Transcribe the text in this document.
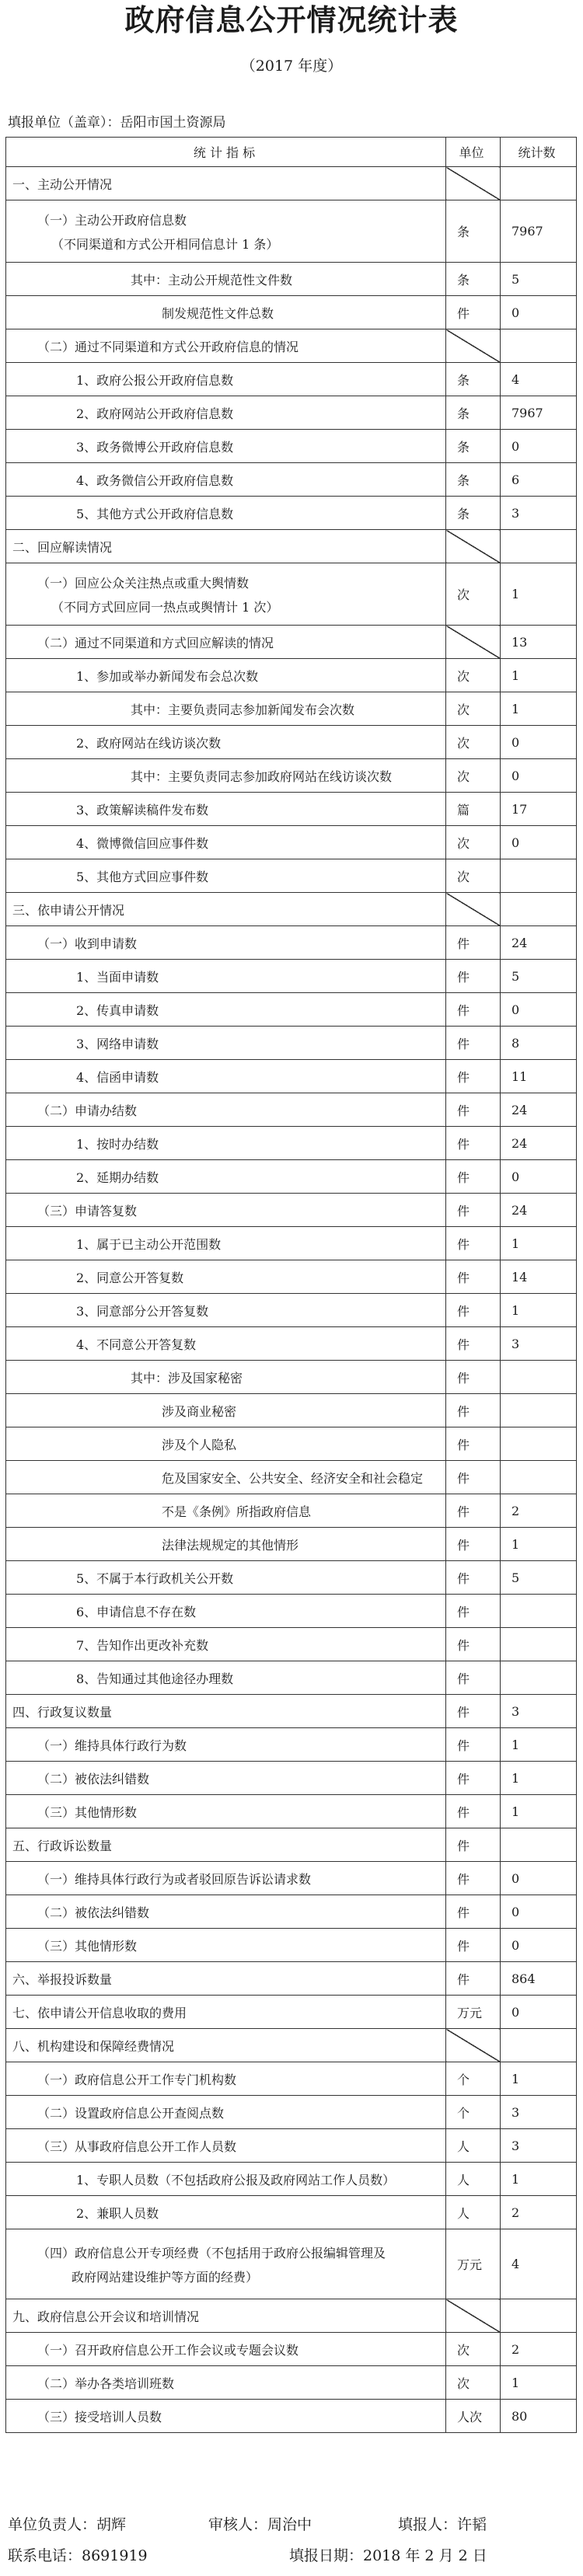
政府信息公开情况统计表
（2017 年度）
填报单位（盖章）：岳阳市国土资源局
统 计 指 标	单位	统计数

一、主动公开情况		

（一）主动公开政府信息数
（不同渠道和方式公开相同信息计 1 条）	条	7967

其中：主动公开规范性文件数	条	5

制发规范性文件总数	件	0

（二）通过不同渠道和方式公开政府信息的情况		

1、政府公报公开政府信息数	条	4

2、政府网站公开政府信息数	条	7967

3、政务微博公开政府信息数	条	0

4、政务微信公开政府信息数	条	6

5、其他方式公开政府信息数	条	3

二、回应解读情况		

（一）回应公众关注热点或重大舆情数
（不同方式回应同一热点或舆情计 1 次）	次	1

（二）通过不同渠道和方式回应解读的情况		13

1、参加或举办新闻发布会总次数	次	1

其中：主要负责同志参加新闻发布会次数	次	1

2、政府网站在线访谈次数	次	0

其中：主要负责同志参加政府网站在线访谈次数	次	0

3、政策解读稿件发布数	篇	17

4、微博微信回应事件数	次	0

5、其他方式回应事件数	次	

三、依申请公开情况		

（一）收到申请数	件	24

1、当面申请数	件	5

2、传真申请数	件	0

3、网络申请数	件	8

4、信函申请数	件	11

（二）申请办结数	件	24

1、按时办结数	件	24

2、延期办结数	件	0

（三）申请答复数	件	24

1、属于已主动公开范围数	件	1

2、同意公开答复数	件	14

3、同意部分公开答复数	件	1

4、不同意公开答复数	件	3

其中：涉及国家秘密	件	

涉及商业秘密	件	

涉及个人隐私	件	

危及国家安全、公共安全、经济安全和社会稳定	件	

不是《条例》所指政府信息	件	2

法律法规规定的其他情形	件	1

5、不属于本行政机关公开数	件	5

6、申请信息不存在数	件	

7、告知作出更改补充数	件	

8、告知通过其他途径办理数	件	

四、行政复议数量	件	3

（一）维持具体行政行为数	件	1

（二）被依法纠错数	件	1

（三）其他情形数	件	1

五、行政诉讼数量	件	

（一）维持具体行政行为或者驳回原告诉讼请求数	件	0

（二）被依法纠错数	件	0

（三）其他情形数	件	0

六、举报投诉数量	件	864

七、依申请公开信息收取的费用	万元	0

八、机构建设和保障经费情况		

（一）政府信息公开工作专门机构数	个	1

（二）设置政府信息公开查阅点数	个	3

（三）从事政府信息公开工作人员数	人	3

1、专职人员数（不包括政府公报及政府网站工作人员数）	人	1

2、兼职人员数	人	2

（四）政府信息公开专项经费（不包括用于政府公报编辑管理及
政府网站建设维护等方面的经费）	万元	4

九、政府信息公开会议和培训情况		

（一）召开政府信息公开工作会议或专题会议数	次	2

（二）举办各类培训班数	次	1

（三）接受培训人员数	人次	80
单位负责人：胡辉	审核人：周治中	填报人：许韬
联系电话：8691919	填报日期：2018 年 2 月 2 日
